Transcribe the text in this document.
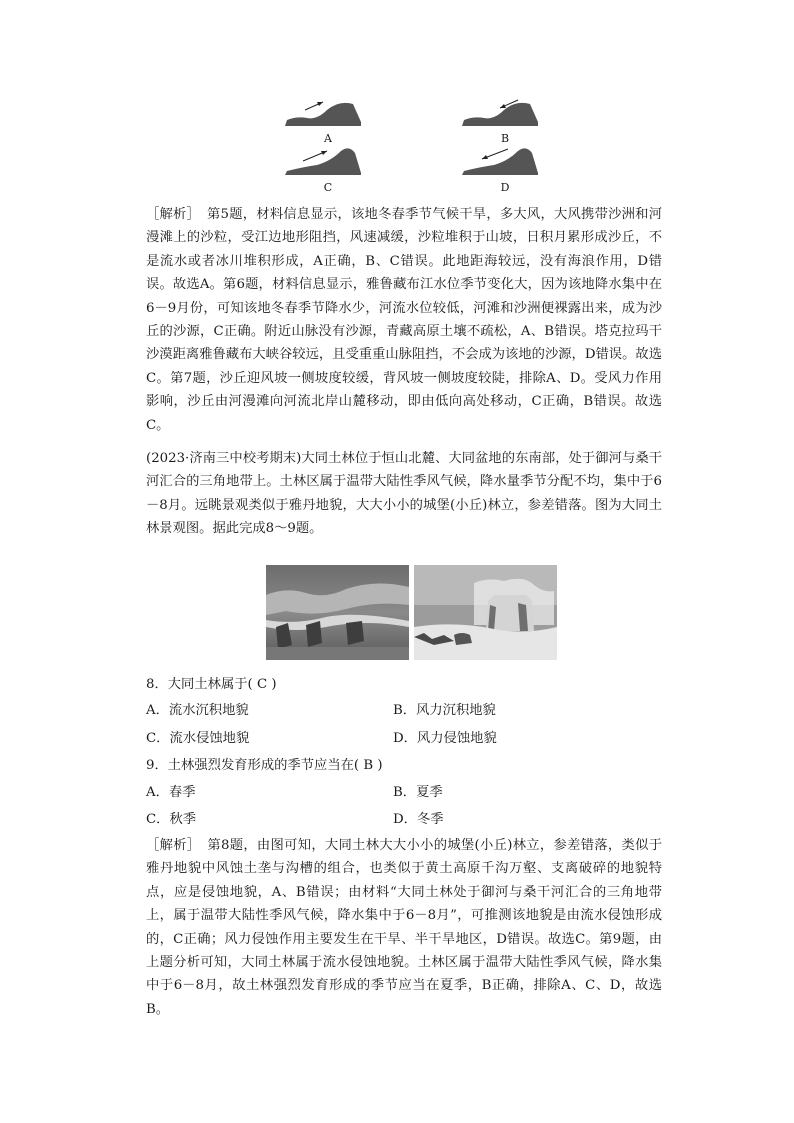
A	B
C	D

［解析］　第5题，材料信息显示，该地冬春季节气候干旱，多大风，大风携带沙洲和河漫滩上的沙粒，受江边地形阻挡，风速减缓，沙粒堆积于山坡，日积月累形成沙丘，不是流水或者冰川堆积形成，A正确，B、C错误。此地距海较远，没有海浪作用，D错误。故选A。第6题，材料信息显示，雅鲁藏布江水位季节变化大，因为该地降水集中在6－9月份，可知该地冬春季节降水少，河流水位较低，河滩和沙洲便裸露出来，成为沙丘的沙源，C正确。附近山脉没有沙源，青藏高原土壤不疏松，A、B错误。塔克拉玛干沙漠距离雅鲁藏布大峡谷较远，且受重重山脉阻挡，不会成为该地的沙源，D错误。故选C。第7题，沙丘迎风坡一侧坡度较缓，背风坡一侧坡度较陡，排除A、D。受风力作用影响，沙丘由河漫滩向河流北岸山麓移动，即由低向高处移动，C正确，B错误。故选C。

(2023·济南三中校考期末)大同土林位于恒山北麓、大同盆地的东南部，处于御河与桑干河汇合的三角地带上。土林区属于温带大陆性季风气候，降水量季节分配不均，集中于6－8月。远眺景观类似于雅丹地貌，大大小小的城堡(小丘)林立，参差错落。图为大同土林景观图。据此完成8～9题。

8．大同土林属于( C )
A．流水沉积地貌	B．风力沉积地貌
C．流水侵蚀地貌	D．风力侵蚀地貌
9．土林强烈发育形成的季节应当在( B )
A．春季	B．夏季
C．秋季	D．冬季

［解析］　第8题，由图可知，大同土林大大小小的城堡(小丘)林立，参差错落，类似于雅丹地貌中风蚀土垄与沟槽的组合，也类似于黄土高原千沟万壑、支离破碎的地貌特点，应是侵蚀地貌，A、B错误；由材料“大同土林处于御河与桑干河汇合的三角地带上，属于温带大陆性季风气候，降水集中于6－8月”，可推测该地貌是由流水侵蚀形成的，C正确；风力侵蚀作用主要发生在干旱、半干旱地区，D错误。故选C。第9题，由上题分析可知，大同土林属于流水侵蚀地貌。土林区属于温带大陆性季风气候，降水集中于6－8月，故土林强烈发育形成的季节应当在夏季，B正确，排除A、C、D，故选B。
